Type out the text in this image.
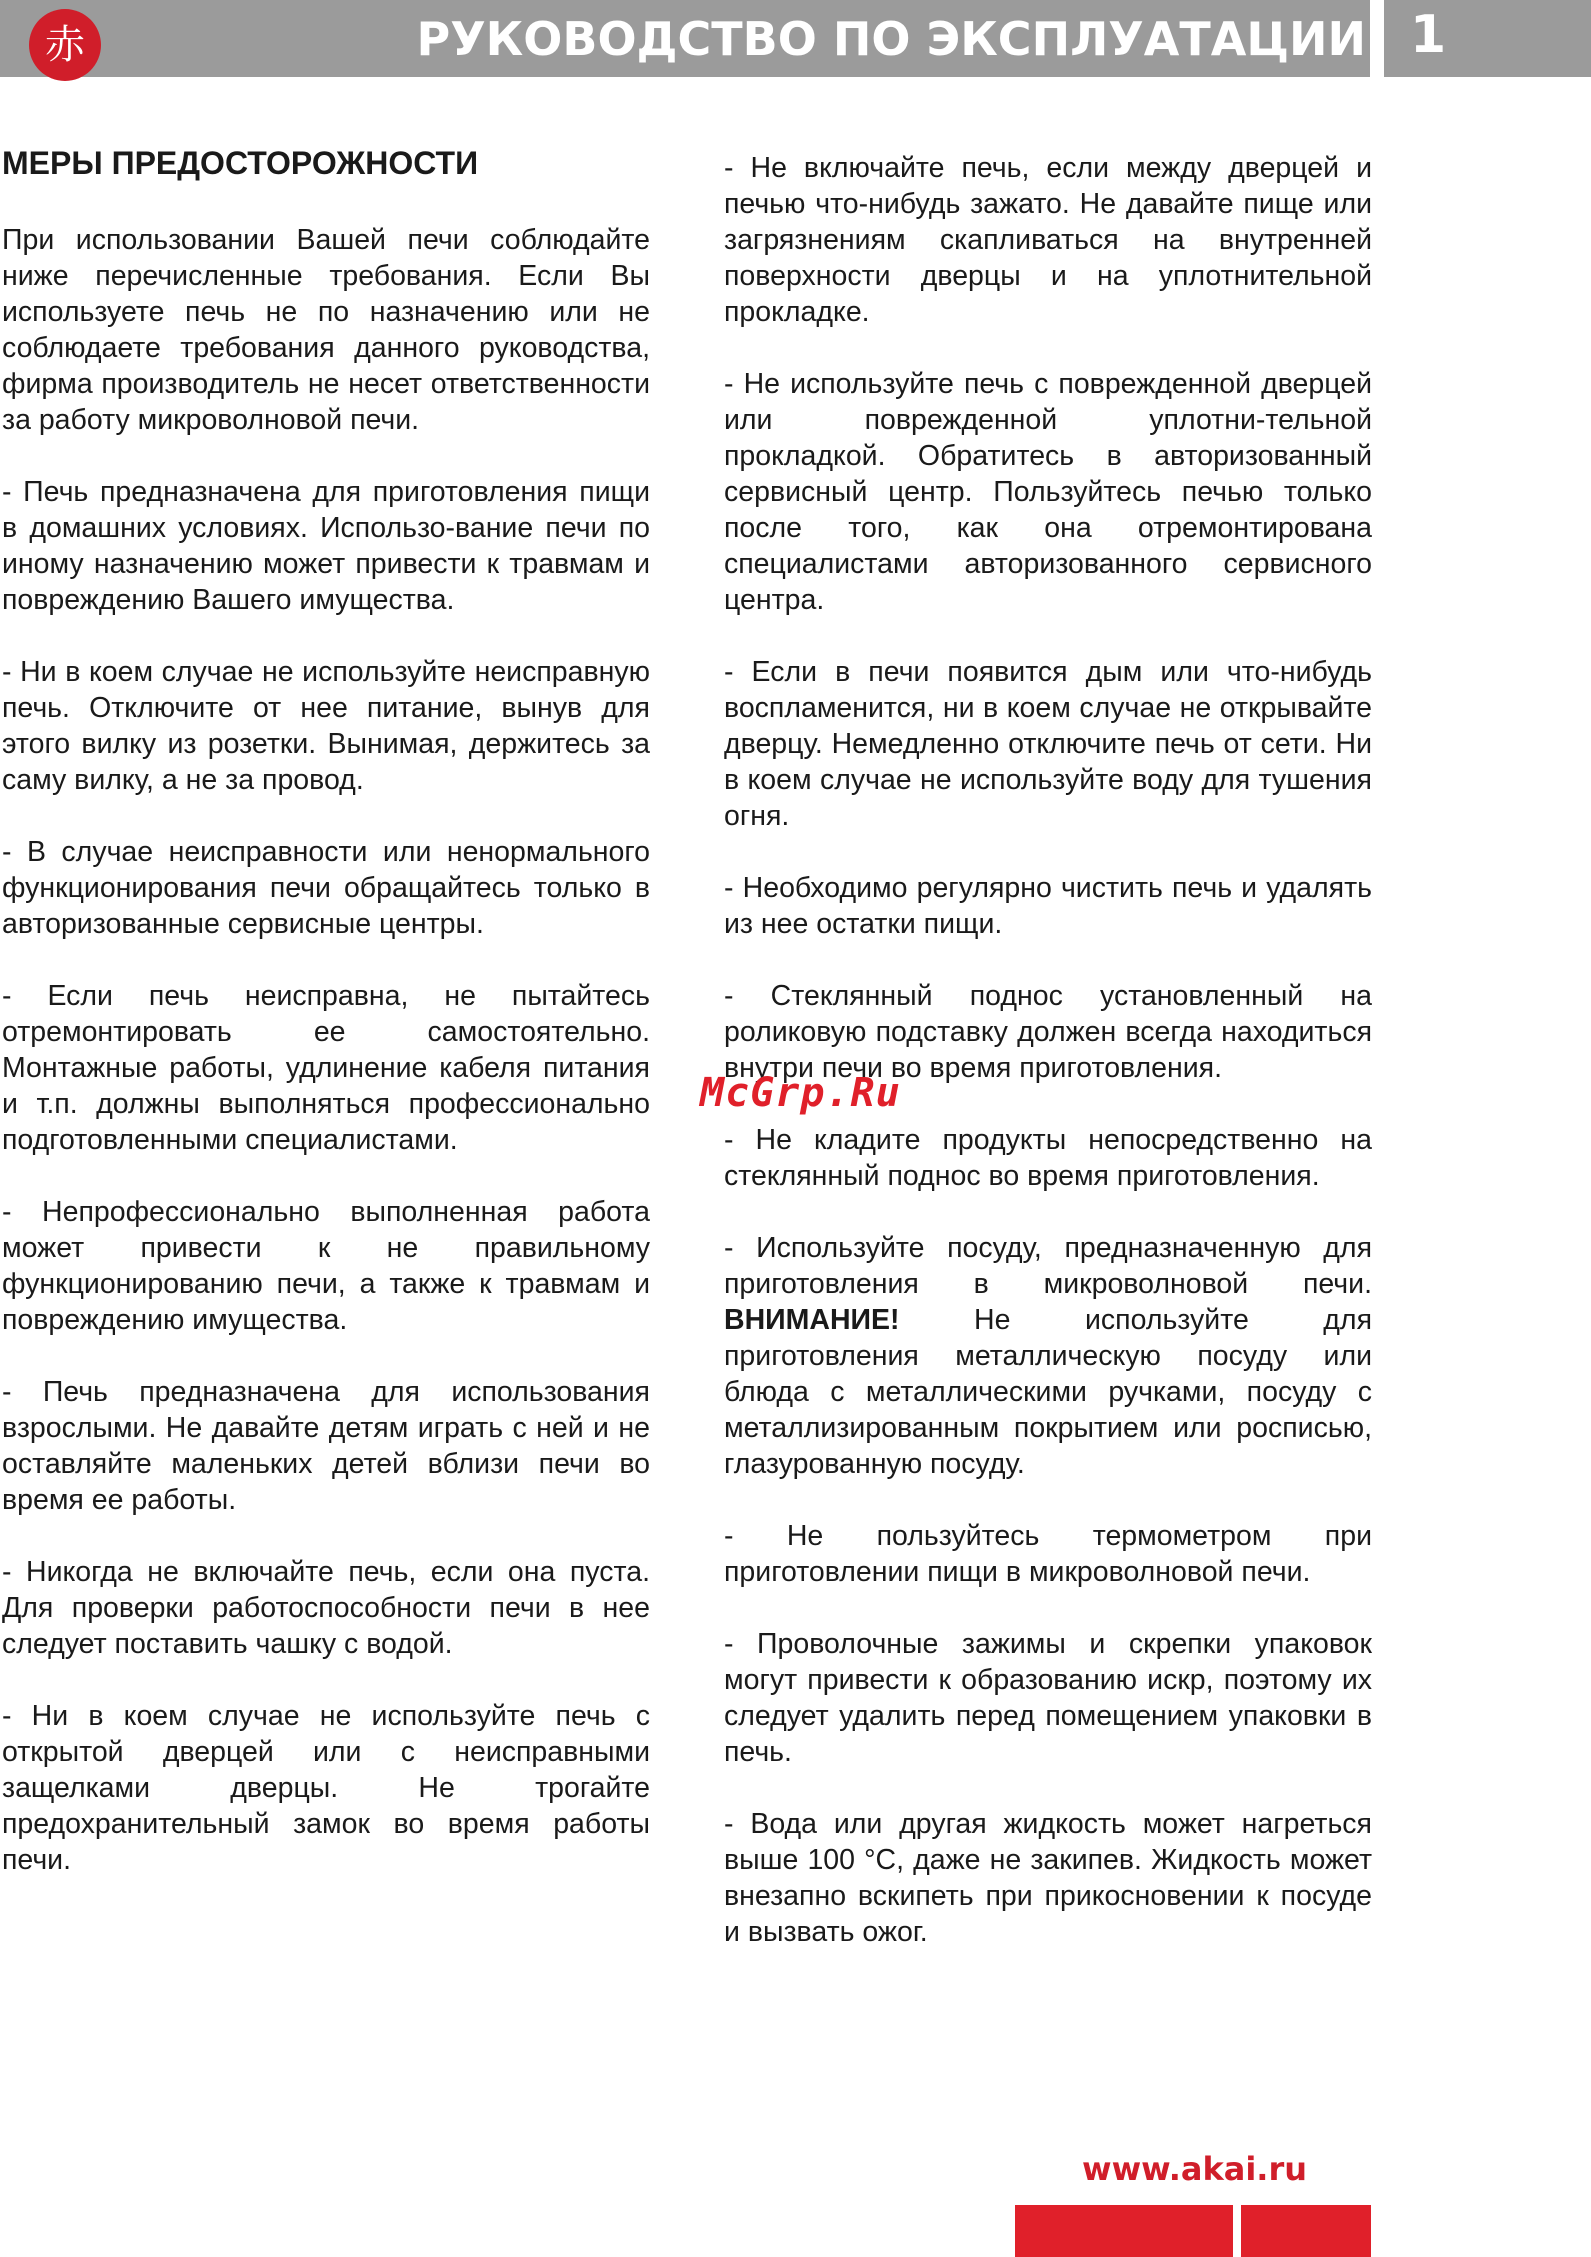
赤	РУКОВОДСТВО ПО ЭКСПЛУАТАЦИИ 1
МЕРЫ ПРЕДОСТОРОЖНОСТИ

При использовании Вашей печи соблюдайте ниже перечисленные требования. Если Вы используете печь не по назначению или не соблюдаете требования данного руководства, фирма производитель не несет ответственности за работу микроволновой печи.

- Печь предназначена для приготовления пищи в домашних условиях. Использо-вание печи по иному назначению может привести к травмам и повреждению Вашего имущества.

- Ни в коем случае не используйте неисправную печь. Отключите от нее питание, вынув для этого вилку из розетки. Вынимая, держитесь за саму вилку, а не за провод.

- В случае неисправности или ненормального функционирования печи обращайтесь только в авторизованные сервисные центры.

- Если печь неисправна, не пытайтесь отремонтировать ее самостоятельно. Монтажные работы, удлинение кабеля питания и т.п. должны выполняться профессионально подготовленными специалистами.

- Непрофессионально выполненная работа может привести к не правильному функционированию печи, а также к травмам и повреждению имущества.

- Печь предназначена для использования взрослыми. Не давайте детям играть с ней и не оставляйте маленьких детей вблизи печи во время ее работы.

- Никогда не включайте печь, если она пуста. Для проверки работоспособности печи в нее следует поставить чашку с водой.

- Ни в коем случае не используйте печь с открытой дверцей или с неисправными защелками дверцы. Не трогайте предохранительный замок во время работы печи.

- Не включайте печь, если между дверцей и печью что-нибудь зажато. Не давайте пище или загрязнениям скапливаться на внутренней поверхности дверцы и на уплотнительной прокладке.

- Не используйте печь с поврежденной дверцей или поврежденной уплотни-тельной прокладкой. Обратитесь в авторизованный сервисный центр. Пользуйтесь печью только после того, как она отремонтирована специалистами авторизованного сервисного центра.

- Если в печи появится дым или что-нибудь воспламенится, ни в коем случае не открывайте дверцу. Немедленно отключите печь от сети. Ни в коем случае не используйте воду для тушения огня.

- Необходимо регулярно чистить печь и удалять из нее остатки пищи.

- Стеклянный поднос установленный на роликовую подставку должен всегда находиться внутри печи во время приготовления.

- Не кладите продукты непосредственно на стеклянный поднос во время приготовления.

- Используйте посуду, предназначенную для приготовления в микроволновой печи. ВНИМАНИЕ! Не используйте для приготовления металлическую посуду или блюда с металлическими ручками, посуду с металлизированным покрытием или росписью, глазурованную посуду.

- Не пользуйтесь термометром при приготовлении пищи в микроволновой печи.

- Проволочные зажимы и скрепки упаковок могут привести к образованию искр, поэтому их следует удалить перед помещением упаковки в печь.

- Вода или другая жидкость может нагреться выше 100 °С, даже не закипев. Жидкость может внезапно вскипеть при прикосновении к посуде и вызвать ожог.

McGrp.Ru
www.akai.ru
